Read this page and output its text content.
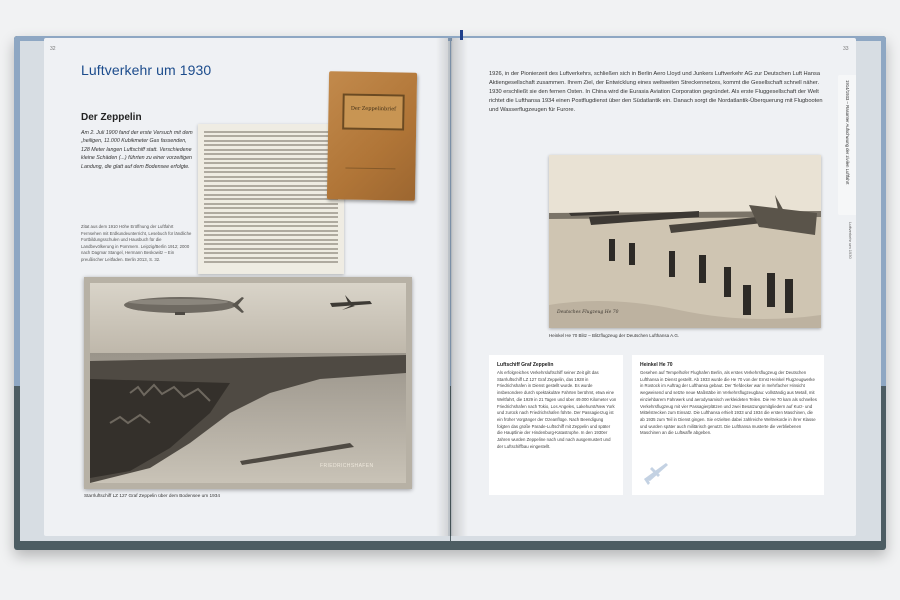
32
Luftverkehr um 1930
Der Zeppelin
Am 2. Juli 1900 fand der erste Versuch mit dem „heiligen, 11.000 Kubikmeter Gas fassenden, 128 Meter langen Luftschiff statt. Verschiedene kleine Schäden (...) führten zu einer vorzeitigen Landung, die glatt auf dem Bodensee erfolgte.
Zitat aus dem 1910 Höhe Eröffnung der Luftfahrt Fernsehen mit Erdkundeunterricht, Lesebuch für ländliche Fortbildungsschulen und Hausbuch für die Landbevölkerung in Pommern. Leipzig/Berlin 1912; 2000 nach Dagmar Stangel, Hermann Beskowitz – Ein preußischer Leitfaden. Berlin 2013, S. 32.
Der Zeppelinbrief
FRIEDRICHSHAFEN
Starrluftschiff LZ 127 Graf Zeppelin über dem Bodensee um 1934
33
1926, in der Pionierzeit des Luftverkehrs, schließen sich in Berlin Aero Lloyd und Junkers Luftverkehr AG zur Deutschen Luft Hansa Aktiengesellschaft zusammen. Ihrem Ziel, der Entwicklung eines weltweiten Streckennetzes, kommt die Gesellschaft schnell näher. 1930 erschließt sie den fernen Osten. In China wird die Eurasia Aviation Corporation gegründet. Als erste Fluggesellschaft der Welt richtet die Lufthansa 1934 einen Postflugdienst über den Südatlantik ein. Danach sorgt die Nordatlantik-Überquerung mit Flugbooten und Wasserflugzeugen für Furore.	1914/1933 – Rasanter Aufschwung der zivilen Luftfahrt
Luftverkehr um 1930
Deutsches Flugzeug He 70
Heinkel He 70 Blitz – Blitzflugzeug der Deutschen Lufthansa A.G.
Luftschiff Graf Zeppelin
Als erfolgreiches Verkehrsluftschiff seiner Zeit gilt das Starrluftschiff LZ 127 Graf Zeppelin, das 1928 in Friedrichshafen in Dienst gestellt wurde. Es wurde insbesondere durch spektakuläre Fahrten berühmt, etwa eine Weltfahrt, die 1929 in 21 Tagen und über 49.000 Kilometer von Friedrichshafen nach Tokio, Los Angeles, Lakehurst/New York und zurück nach Friedrichshafen führte. Der Passagierzug ist ein früher Vorgänger der Ozeanflüge. Nach Beendigung folgten das große Parade-Luftschiff mit Zeppelin und später die Hauptlinie der Hindenburg-Katastrophe. In den 1930er Jahren wurden Zeppeline nach und nach ausgemustert und der Luftschiffbau eingestellt.
Heinkel He 70
Gesehen auf Tempelhofer Flughafen Berlin, als erstes Verkehrsflugzeug der Deutschen Lufthansa in Dienst gestellt. Ab 1933 wurde die He 70 von der Ernst Heinkel Flugzeugwerke in Rostock im Auftrag der Lufthansa gebaut. Der Tiefdecker war in mehrfacher Hinsicht wegweisend und setzte neue Maßstäbe im Verkehrsflugzeugbau: vollständig aus Metall, mit einziehbarem Fahrwerk und aerodynamisch verkleideten Teilen. Die He 70 kam als schnelles Verkehrsflugzeug mit vier Passagierplätzen und zwei Besatzungsmitgliedern auf Kurz- und Mittelstrecken zum Einsatz. Die Lufthansa erhielt 1933 und 1934 die ersten Maschinen, die ab 1935 zum Teil in Dienst gingen. Sie erzielten dabei zahlreiche Weltrekorde in ihrer Klasse und wurden später auch militärisch genutzt. Die Lufthansa musterte die verbliebenen Maschinen an die Luftwaffe abgeben.
